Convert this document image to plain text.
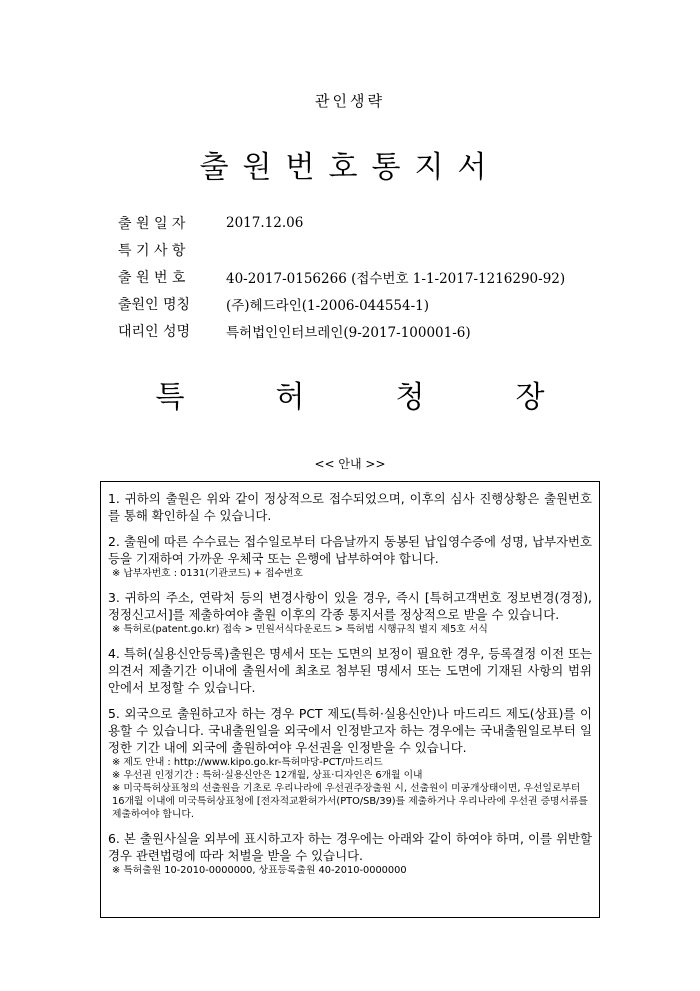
관인생략
출원번호통지서
출 원 일 자	2017.12.06
특 기 사 항
출 원 번 호	40-2017-0156266 (접수번호 1-1-2017-1216290-92)
출원인 명칭	(주)헤드라인(1-2006-044554-1)
대리인 성명	특허법인인터브레인(9-2017-100001-6)
특	허	청	장
<< 안내 >>

1. 귀하의 출원은 위와 같이 정상적으로 접수되었으며, 이후의 심사 진행상황은 출원번호를 통해 확인하실 수 있습니다.

2. 출원에 따른 수수료는 접수일로부터 다음날까지 동봉된 납입영수증에 성명, 납부자번호 등을 기재하여 가까운 우체국 또는 은행에 납부하여야 합니다.

※ 납부자번호 : 0131(기관코드) + 접수번호

3. 귀하의 주소, 연락처 등의 변경사항이 있을 경우, 즉시 [특허고객번호 정보변경(경정), 정정신고서]를 제출하여야 출원 이후의 각종 통지서를 정상적으로 받을 수 있습니다.

※ 특허로(patent.go.kr) 접속 > 민원서식다운로드 > 특허법 시행규칙 별지 제5호 서식

4. 특허(실용신안등록)출원은 명세서 또는 도면의 보정이 필요한 경우, 등록결정 이전 또는 의견서 제출기간 이내에 출원서에 최초로 첨부된 명세서 또는 도면에 기재된 사항의 범위 안에서 보정할 수 있습니다.

5. 외국으로 출원하고자 하는 경우 PCT 제도(특허·실용신안)나 마드리드 제도(상표)를 이용할 수 있습니다. 국내출원일을 외국에서 인정받고자 하는 경우에는 국내출원일로부터 일정한 기간 내에 외국에 출원하여야 우선권을 인정받을 수 있습니다.

※ 제도 안내 : http://www.kipo.go.kr-특허마당-PCT/마드리드

※ 우선권 인정기간 : 특허·실용신안은 12개월, 상표·디자인은 6개월 이내

※ 미국특허상표청의 선출원을 기초로 우리나라에 우선권주장출원 시, 선출원이 미공개상태이면, 우선일로부터 16개월 이내에 미국특허상표청에 [전자적교환허가서(PTO/SB/39)를 제출하거나 우리나라에 우선권 증명서류를 제출하여야 합니다.

6. 본 출원사실을 외부에 표시하고자 하는 경우에는 아래와 같이 하여야 하며, 이를 위반할 경우 관련법령에 따라 처벌을 받을 수 있습니다.

※ 특허출원 10-2010-0000000, 상표등록출원 40-2010-0000000
